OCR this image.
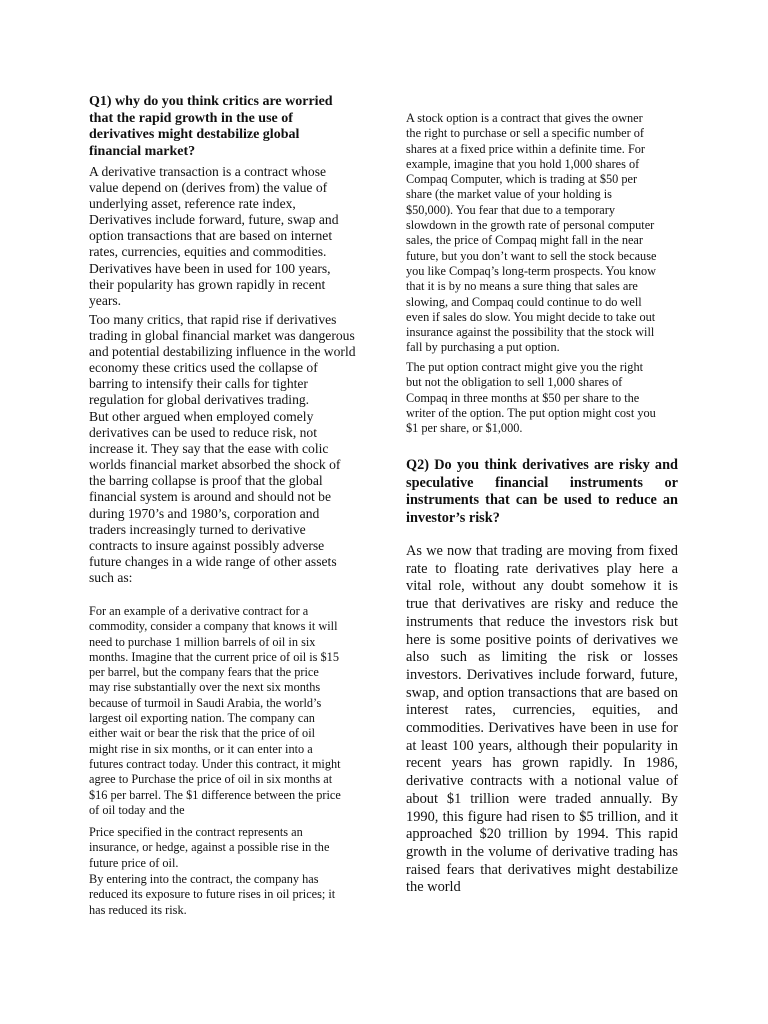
Q1) why do you think critics are worried
that the rapid growth in the use of
derivatives might destabilize global
financial market?

A derivative transaction is a contract whose
value depend on (derives from) the value of
underlying asset, reference rate index,
Derivatives include forward, future, swap and
option transactions that are based on internet
rates, currencies, equities and commodities.
Derivatives have been in used for 100 years,
their popularity has grown rapidly in recent
years.

Too many critics, that rapid rise if derivatives
trading in global financial market was dangerous
and potential destabilizing influence in the world
economy these critics used the collapse of
barring to intensify their calls for tighter
regulation for global derivatives trading.

But other argued when employed comely
derivatives can be used to reduce risk, not
increase it. They say that the ease with colic
worlds financial market absorbed the shock of
the barring collapse is proof that the global
financial system is around and should not be
during 1970’s and 1980’s, corporation and
traders increasingly turned to derivative
contracts to insure against possibly adverse
future changes in a wide range of other assets
such as:

For an example of a derivative contract for a
commodity, consider a company that knows it will
need to purchase 1 million barrels of oil in six
months. Imagine that the current price of oil is $15
per barrel, but the company fears that the price
may rise substantially over the next six months
because of turmoil in Saudi Arabia, the world’s
largest oil exporting nation. The company can
either wait or bear the risk that the price of oil
might rise in six months, or it can enter into a
futures contract today. Under this contract, it might
agree to Purchase the price of oil in six months at
$16 per barrel. The $1 difference between the price
of oil today and the

Price specified in the contract represents an
insurance, or hedge, against a possible rise in the
future price of oil.

By entering into the contract, the company has
reduced its exposure to future rises in oil prices; it
has reduced its risk.

A stock option is a contract that gives the owner
the right to purchase or sell a specific number of
shares at a fixed price within a definite time. For
example, imagine that you hold 1,000 shares of
Compaq Computer, which is trading at $50 per
share (the market value of your holding is
$50,000). You fear that due to a temporary
slowdown in the growth rate of personal computer
sales, the price of Compaq might fall in the near
future, but you don’t want to sell the stock because
you like Compaq’s long-term prospects. You know
that it is by no means a sure thing that sales are
slowing, and Compaq could continue to do well
even if sales do slow. You might decide to take out
insurance against the possibility that the stock will
fall by purchasing a put option.

The put option contract might give you the right
but not the obligation to sell 1,000 shares of
Compaq in three months at $50 per share to the
writer of the option. The put option might cost you
$1 per share, or $1,000.

Q2) Do you think derivatives are risky and speculative financial instruments or instruments that can be used to reduce an investor’s risk?

As we now that trading are moving from fixed rate to floating rate derivatives play here a vital role, without any doubt somehow it is true that derivatives are risky and reduce the instruments that reduce the investors risk but here is some positive points of derivatives we also such as limiting the risk or losses investors. Derivatives include forward, future, swap, and option transactions that are based on interest rates, currencies, equities, and commodities. Derivatives have been in use for at least 100 years, although their popularity in recent years has grown rapidly. In 1986, derivative contracts with a notional value of about $1 trillion were traded annually. By 1990, this figure had risen to $5 trillion, and it approached $20 trillion by 1994. This rapid growth in the volume of derivative trading has raised fears that derivatives might destabilize the world
